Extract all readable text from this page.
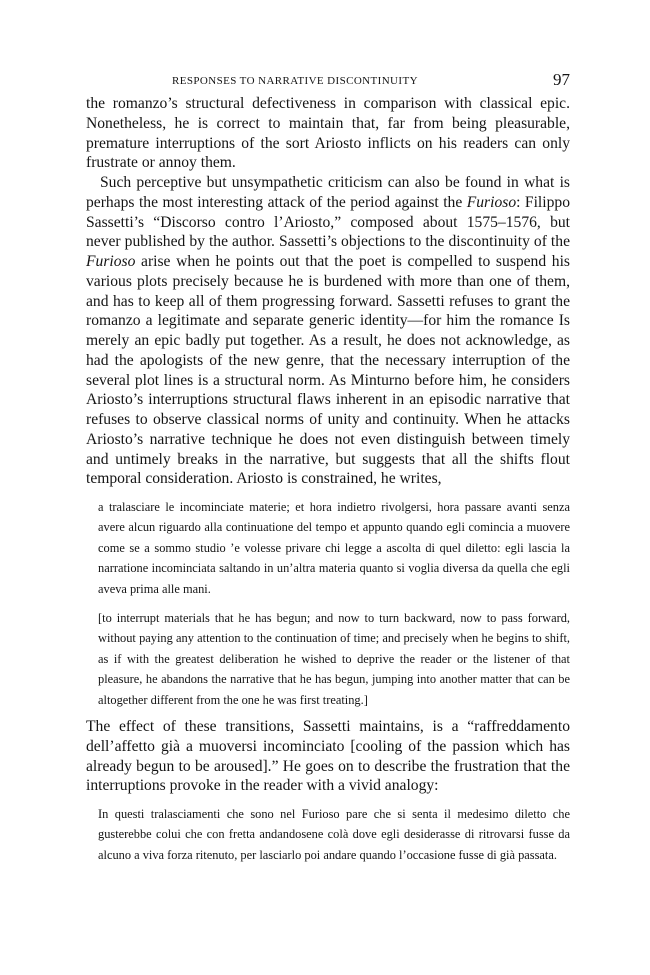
RESPONSES TO NARRATIVE DISCONTINUITY	97

the romanzo’s structural defectiveness in comparison with classical epic. Nonetheless, he is correct to maintain that, far from being pleasurable, premature interruptions of the sort Ariosto inflicts on his readers can only frustrate or annoy them.

Such perceptive but unsympathetic criticism can also be found in what is perhaps the most interesting attack of the period against the Furioso: Filippo Sassetti’s “Discorso contro l’Ariosto,” composed about 1575–1576, but never published by the author. Sassetti’s objections to the discontinuity of the Furioso arise when he points out that the poet is compelled to suspend his various plots precisely because he is burdened with more than one of them, and has to keep all of them progressing forward. Sassetti refuses to grant the romanzo a legitimate and separate generic identity—for him the romance Is merely an epic badly put together. As a result, he does not acknowledge, as had the apologists of the new genre, that the necessary interruption of the several plot lines is a structural norm. As Minturno before him, he considers Ariosto’s interruptions structural flaws inherent in an episodic narrative that refuses to observe classical norms of unity and continuity. When he attacks Ariosto’s narrative technique he does not even distinguish between timely and untimely breaks in the narrative, but suggests that all the shifts flout temporal consideration. Ariosto is constrained, he writes,

a tralasciare le incominciate materie; et hora indietro rivolgersi, hora passare avanti senza avere alcun riguardo alla continuatione del tempo et appunto quando egli comincia a muovere come se a sommo studio ’e volesse privare chi legge a ascolta di quel diletto: egli lascia la narratione incominciata saltando in un’altra materia quanto si voglia diversa da quella che egli aveva prima alle mani.

[to interrupt materials that he has begun; and now to turn backward, now to pass forward, without paying any attention to the continuation of time; and precisely when he begins to shift, as if with the greatest deliberation he wished to deprive the reader or the listener of that pleasure, he abandons the narrative that he has begun, jumping into another matter that can be altogether different from the one he was first treating.]

The effect of these transitions, Sassetti maintains, is a “raffreddamento dell’affetto già a muoversi incominciato [cooling of the passion which has already begun to be aroused].” He goes on to describe the frustration that the interruptions provoke in the reader with a vivid analogy:

In questi tralasciamenti che sono nel Furioso pare che si senta il medesimo diletto che gusterebbe colui che con fretta andandosene colà dove egli desiderasse di ritrovarsi fusse da alcuno a viva forza ritenuto, per lasciarlo poi andare quando l’occasione fusse di già passata.
